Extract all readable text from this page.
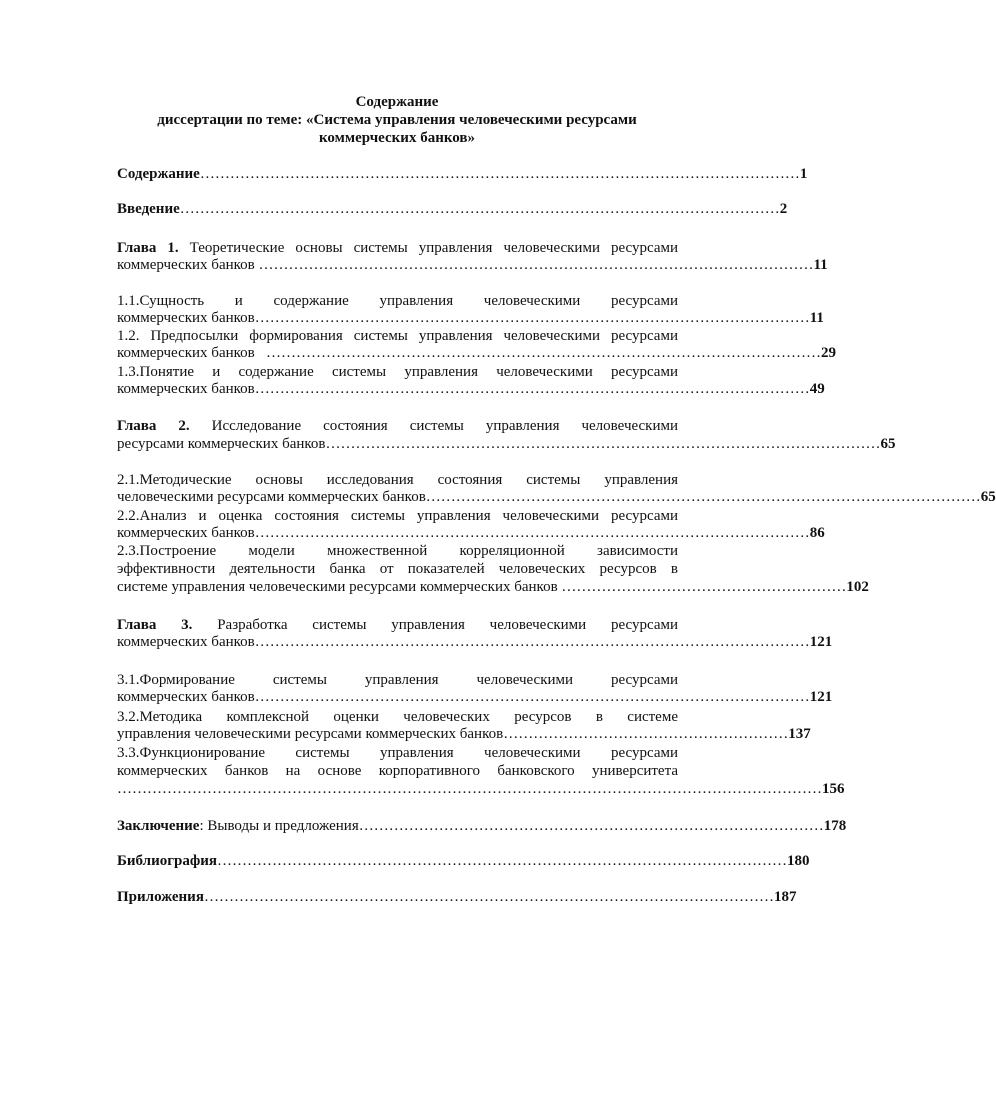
Содержание
диссертации по теме: «Система управления человеческими ресурсами
коммерческих банков»
Содержание ………………………………………………………………………………………………………… 1
Введение ………………………………………………………………………………………………………… 2
Глава 1. Теоретические основы системы управления человеческими ресурсами
коммерческих банков ………………………………………………………………………………………………… 11
1.1.Сущность и содержание управления человеческими ресурсами
коммерческих банков ………………………………………………………………………………………………… 11
1.2. Предпосылки формирования системы управления человеческими ресурсами
коммерческих банков ………………………………………………………………………………………………… 29
1.3.Понятие и содержание системы управления человеческими ресурсами
коммерческих банков ………………………………………………………………………………………………… 49
Глава 2. Исследование состояния системы управления человеческими
ресурсами коммерческих банков ………………………………………………………………………………………………… 65
2.1.Методические основы исследования состояния системы управления
человеческими ресурсами коммерческих банков ………………………………………………………………………………………………… 65
2.2.Анализ и оценка состояния системы управления человеческими ресурсами
коммерческих банков ………………………………………………………………………………………………… 86
2.3.Построение модели множественной корреляционной зависимости
эффективности деятельности банка от показателей человеческих ресурсов в
системе управления человеческими ресурсами коммерческих банков ………………………………………………… 102
Глава 3. Разработка системы управления человеческими ресурсами
коммерческих банков ………………………………………………………………………………………………… 121
3.1.Формирование системы управления человеческими ресурсами
коммерческих банков ………………………………………………………………………………………………… 121
3.2.Методика комплексной оценки человеческих ресурсов в системе
управления человеческими ресурсами коммерческих банков ………………………………………………… 137
3.3.Функционирование системы управления человеческими ресурсами
коммерческих банков на основе корпоративного банковского университета
…………………………………………………………………………………………………………………………… 156
Заключение : Выводы и предложения ………………………………………………………………………………… 178
Библиография …………………………………………………………………………………………………… 180
Приложения …………………………………………………………………………………………………… 187
